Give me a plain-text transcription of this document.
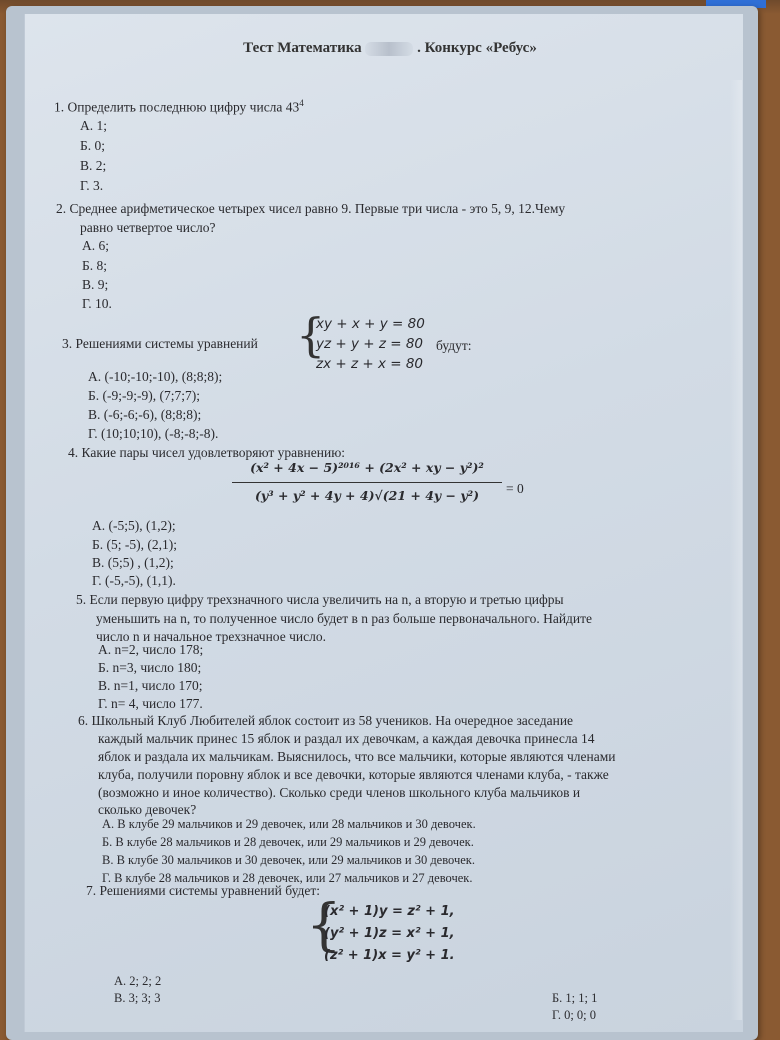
Тест Математика	. Конкурс «Ребус»
1. Определить последнюю цифру числа $43^4$
А. 1;
Б. 0;
В. 2;
Г. 3.
2. Среднее арифметическое четырех чисел равно 9. Первые три числа - это 5, 9, 12.Чему
равно четвертое число?
А. 6;
Б. 8;
В. 9;
Г. 10.
3. Решениями системы уравнений {
xy + x + y = 80
yz + y + z = 80
zx + z + x = 80
будут:
А. (-10;-10;-10), (8;8;8);
Б. (-9;-9;-9), (7;7;7);
В. (-6;-6;-6), (8;8;8);
Г. (10;10;10), (-8;-8;-8).
4. Какие пары чисел удовлетворяют уравнению:
(x² + 4x − 5)²⁰¹⁶ + (2x² + xy − y²)²
(y³ + y² + 4y + 4)√(21 + 4y − y²)	= 0
А. (-5;5), (1,2);
Б. (5; -5), (2,1);
В. (5;5) , (1,2);
Г. (-5,-5), (1,1).
5. Если первую цифру трехзначного числа увеличить на n, а вторую и третью цифры
уменьшить на n, то полученное число будет в n раз больше первоначального. Найдите
число n и начальное трехзначное число.
А. n=2, число 178;
Б. n=3, число 180;
В. n=1, число 170;
Г. n= 4, число 177.
6. Школьный Клуб Любителей яблок состоит из 58 учеников. На очередное заседание
каждый мальчик принес 15 яблок и раздал их девочкам, а каждая девочка принесла 14
яблок и раздала их мальчикам. Выяснилось, что все мальчики, которые являются членами
клуба, получили поровну яблок и все девочки, которые являются членами клуба, - также
(возможно и иное количество). Сколько среди членов школьного клуба мальчиков и
сколько девочек?
А. В клубе 29 мальчиков и 29 девочек, или 28 мальчиков и 30 девочек.
Б. В клубе 28 мальчиков и 28 девочек, или 29 мальчиков и 29 девочек.
В. В клубе 30 мальчиков и 30 девочек, или 29 мальчиков и 30 девочек.
Г. В клубе 28 мальчиков и 28 девочек, или 27 мальчиков и 27 девочек.
7. Решениями системы уравнений будет:
{
(x² + 1)y = z² + 1,
(y² + 1)z = x² + 1,
(z² + 1)x = y² + 1.
А. 2; 2; 2
В. 3; 3; 3	Б. 1; 1; 1
Г. 0; 0; 0
